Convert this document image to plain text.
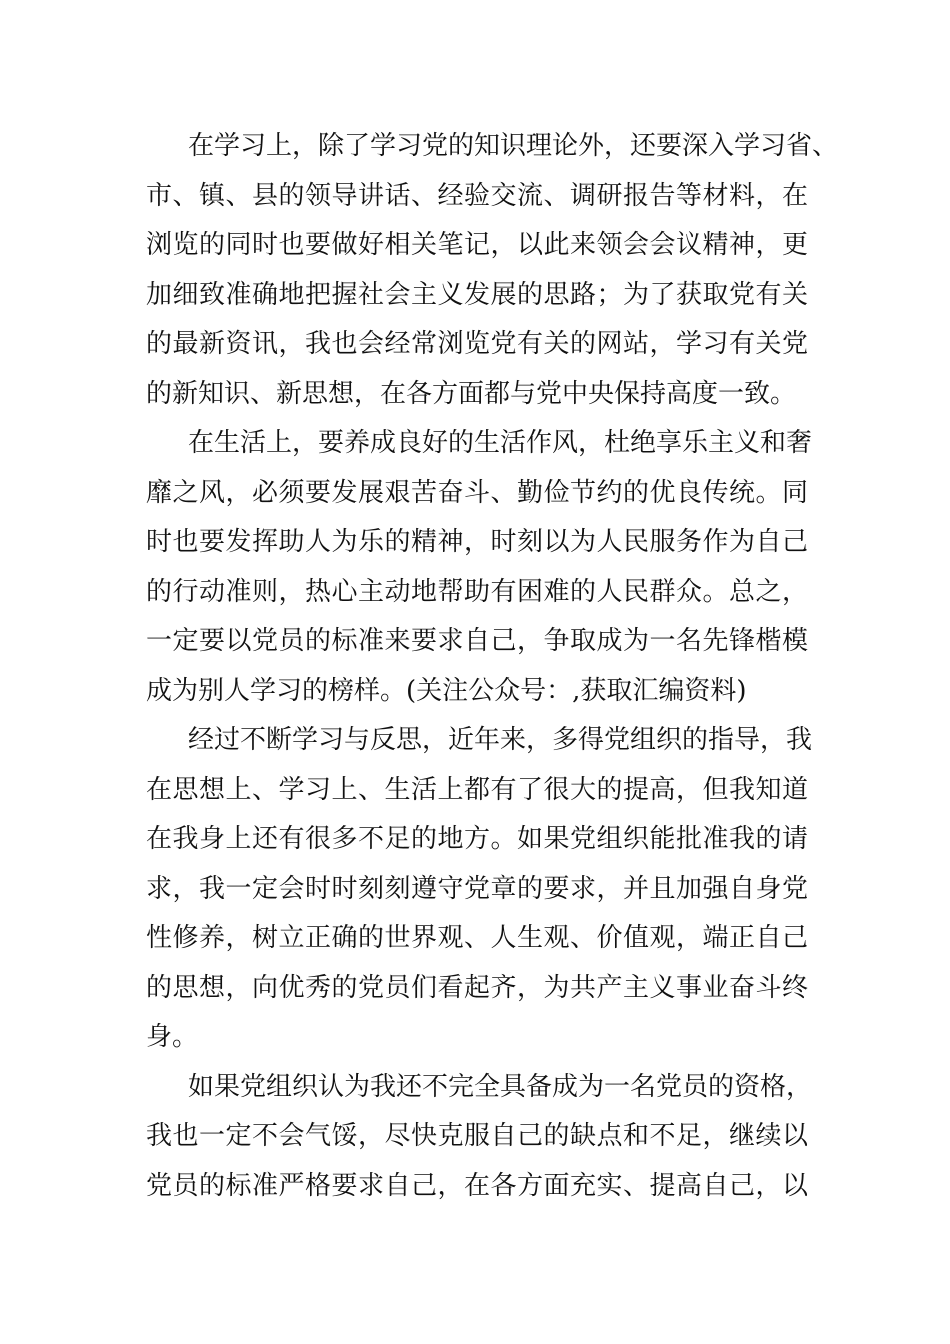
在学习上，除了学习党的知识理论外，还要深入学习省、
市、镇、县的领导讲话、经验交流、调研报告等材料，在
浏览的同时也要做好相关笔记，以此来领会会议精神，更
加细致准确地把握社会主义发展的思路；为了获取党有关
的最新资讯，我也会经常浏览党有关的网站，学习有关党
的新知识、新思想，在各方面都与党中央保持高度一致。
在生活上，要养成良好的生活作风，杜绝享乐主义和奢
靡之风，必须要发展艰苦奋斗、勤俭节约的优良传统。同
时也要发挥助人为乐的精神，时刻以为人民服务作为自己
的行动准则，热心主动地帮助有困难的人民群众。总之，
一定要以党员的标准来要求自己，争取成为一名先锋楷模
成为别人学习的榜样。(关注公众号：,获取汇编资料)
经过不断学习与反思，近年来，多得党组织的指导，我
在思想上、学习上、生活上都有了很大的提高，但我知道
在我身上还有很多不足的地方。如果党组织能批准我的请
求，我一定会时时刻刻遵守党章的要求，并且加强自身党
性修养，树立正确的世界观、人生观、价值观，端正自己
的思想，向优秀的党员们看起齐，为共产主义事业奋斗终
身。
如果党组织认为我还不完全具备成为一名党员的资格，
我也一定不会气馁，尽快克服自己的缺点和不足，继续以
党员的标准严格要求自己，在各方面充实、提高自己，以
